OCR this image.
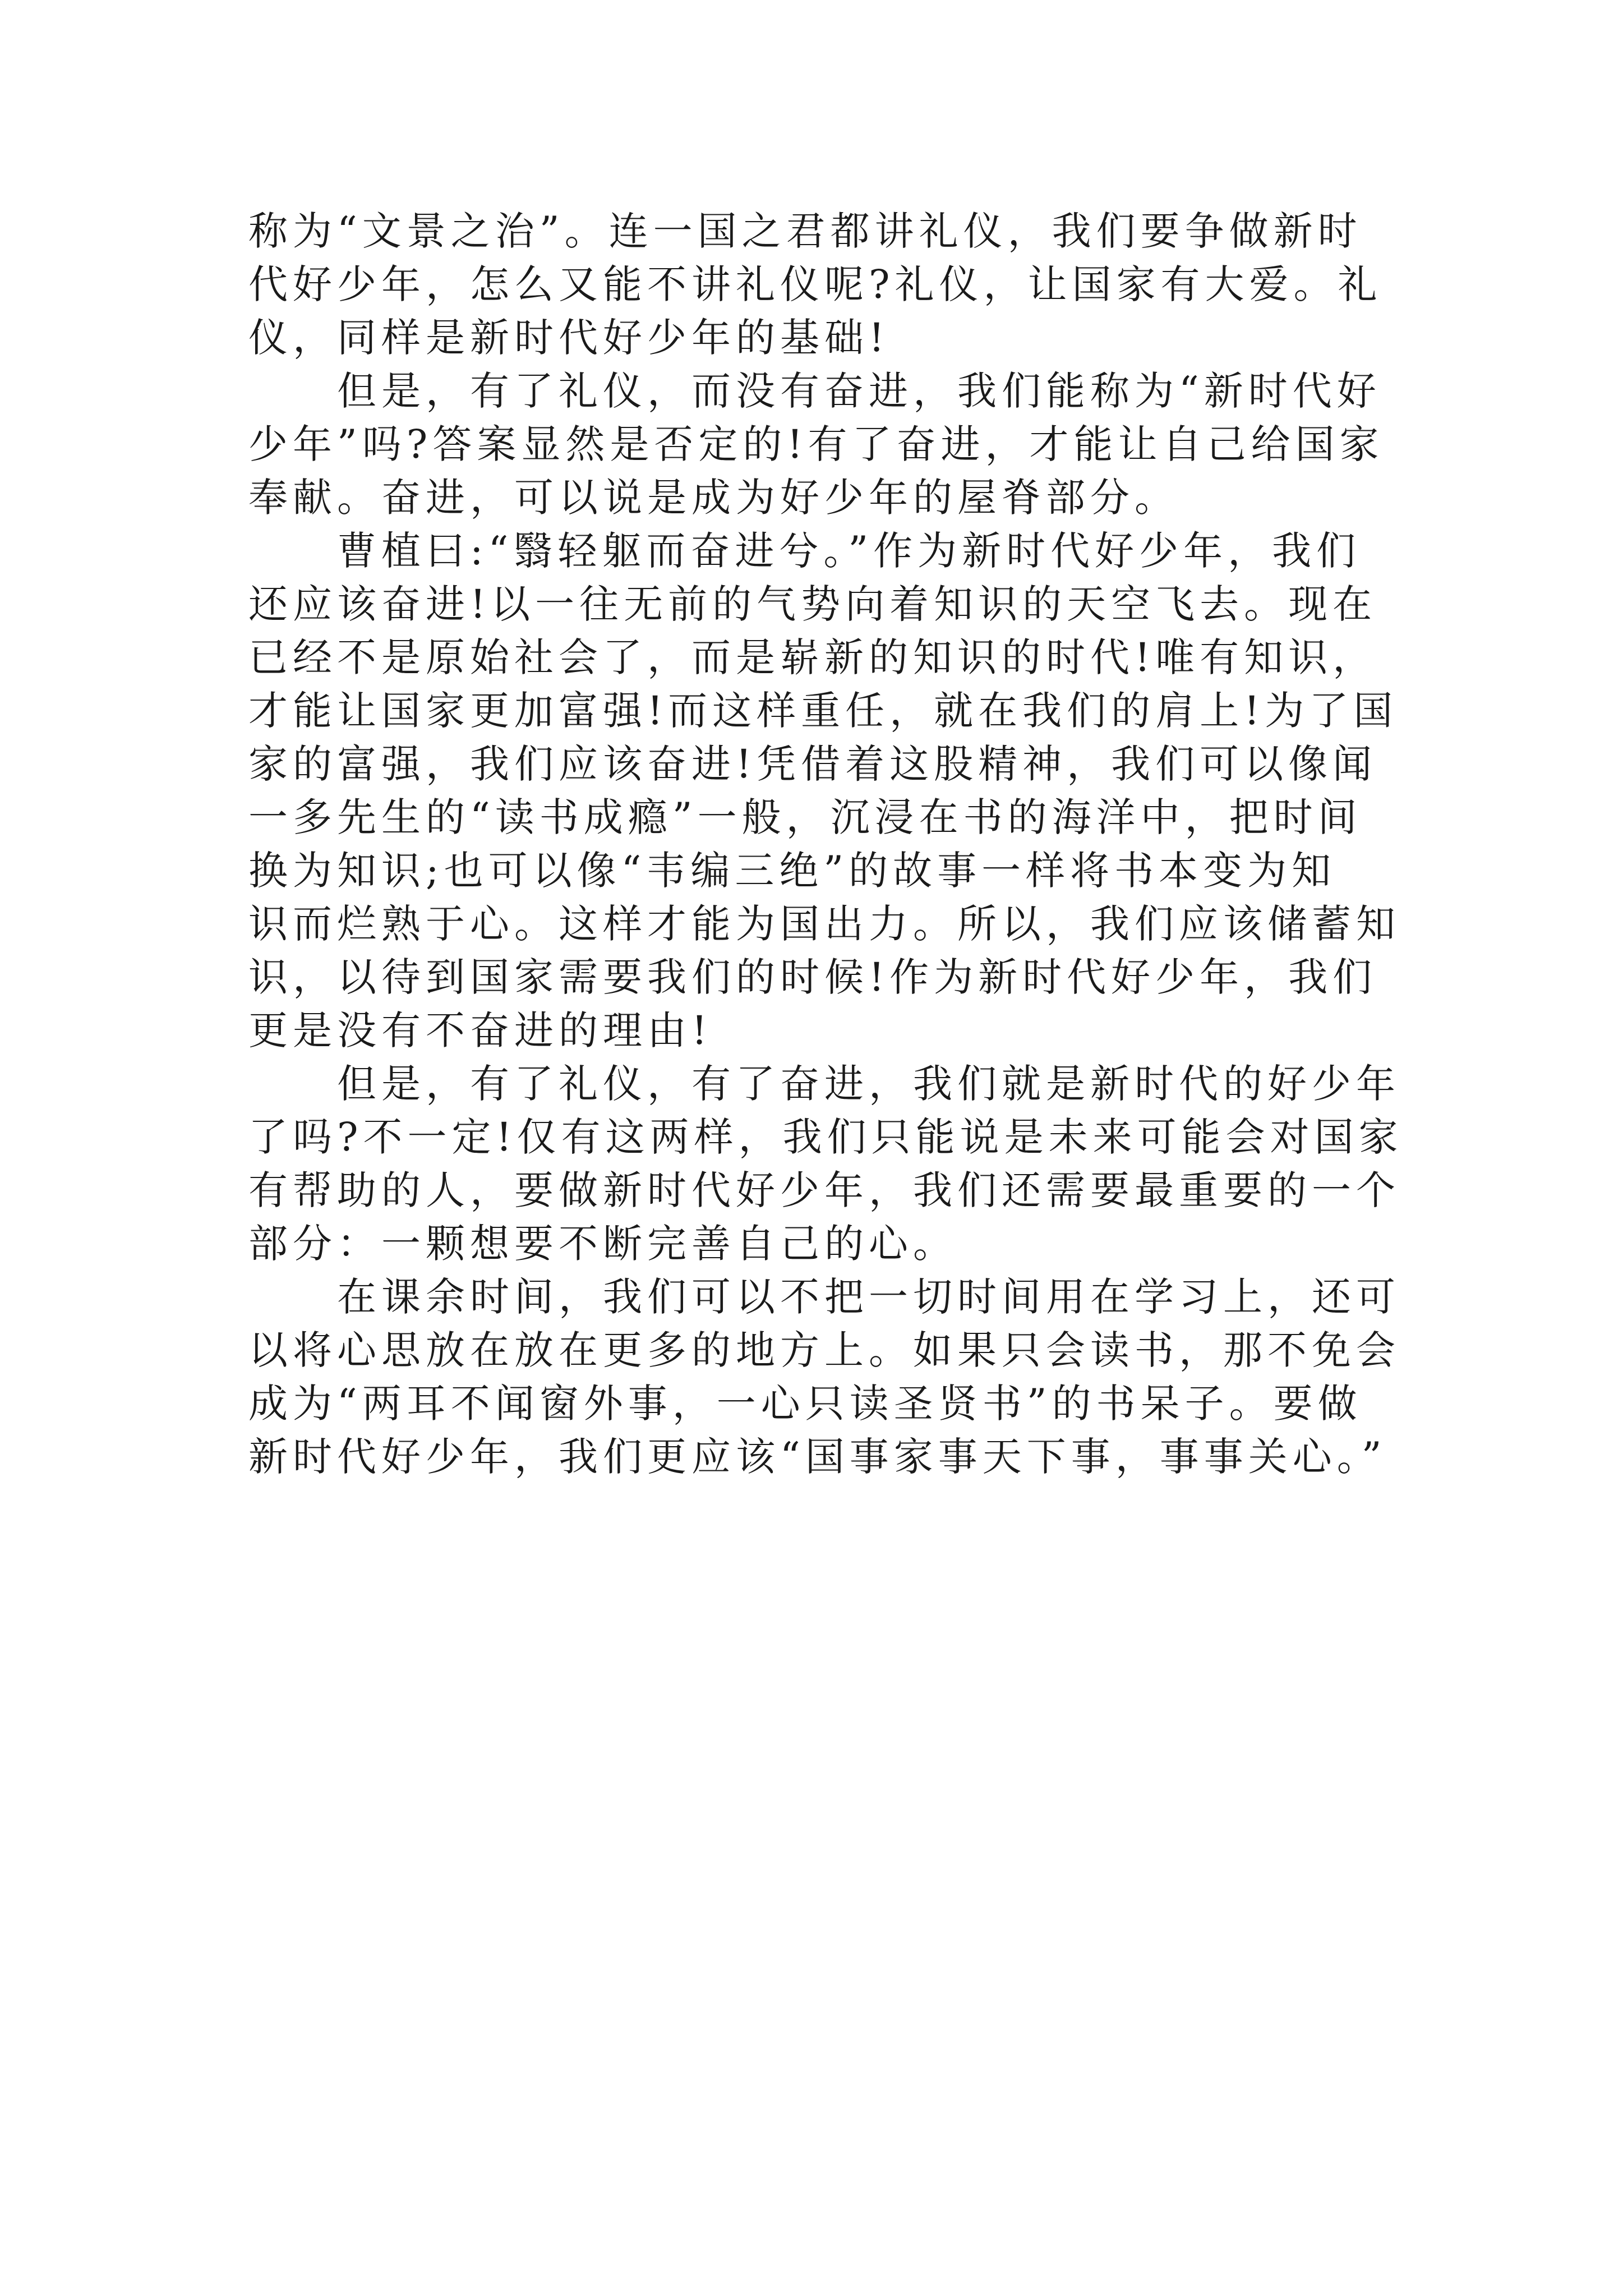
称为“文景之治”。连一国之君都讲礼仪，我们要争做新时
代好少年，怎么又能不讲礼仪呢?礼仪，让国家有大爱。礼
仪，同样是新时代好少年的基础!
但是，有了礼仪，而没有奋进，我们能称为“新时代好
少年”吗?答案显然是否定的!有了奋进，才能让自己给国家
奉献。奋进，可以说是成为好少年的屋脊部分。
曹植曰:“翳轻躯而奋进兮。”作为新时代好少年，我们
还应该奋进!以一往无前的气势向着知识的天空飞去。现在
已经不是原始社会了，而是崭新的知识的时代!唯有知识，
才能让国家更加富强!而这样重任，就在我们的肩上!为了国
家的富强，我们应该奋进!凭借着这股精神，我们可以像闻
一多先生的“读书成瘾”一般，沉浸在书的海洋中，把时间
换为知识;也可以像“韦编三绝”的故事一样将书本变为知
识而烂熟于心。这样才能为国出力。所以，我们应该储蓄知
识，以待到国家需要我们的时候!作为新时代好少年，我们
更是没有不奋进的理由!
但是，有了礼仪，有了奋进，我们就是新时代的好少年
了吗?不一定!仅有这两样，我们只能说是未来可能会对国家
有帮助的人，要做新时代好少年，我们还需要最重要的一个
部分：一颗想要不断完善自己的心。
在课余时间，我们可以不把一切时间用在学习上，还可
以将心思放在放在更多的地方上。如果只会读书，那不免会
成为“两耳不闻窗外事，一心只读圣贤书”的书呆子。要做
新时代好少年，我们更应该“国事家事天下事，事事关心。”
